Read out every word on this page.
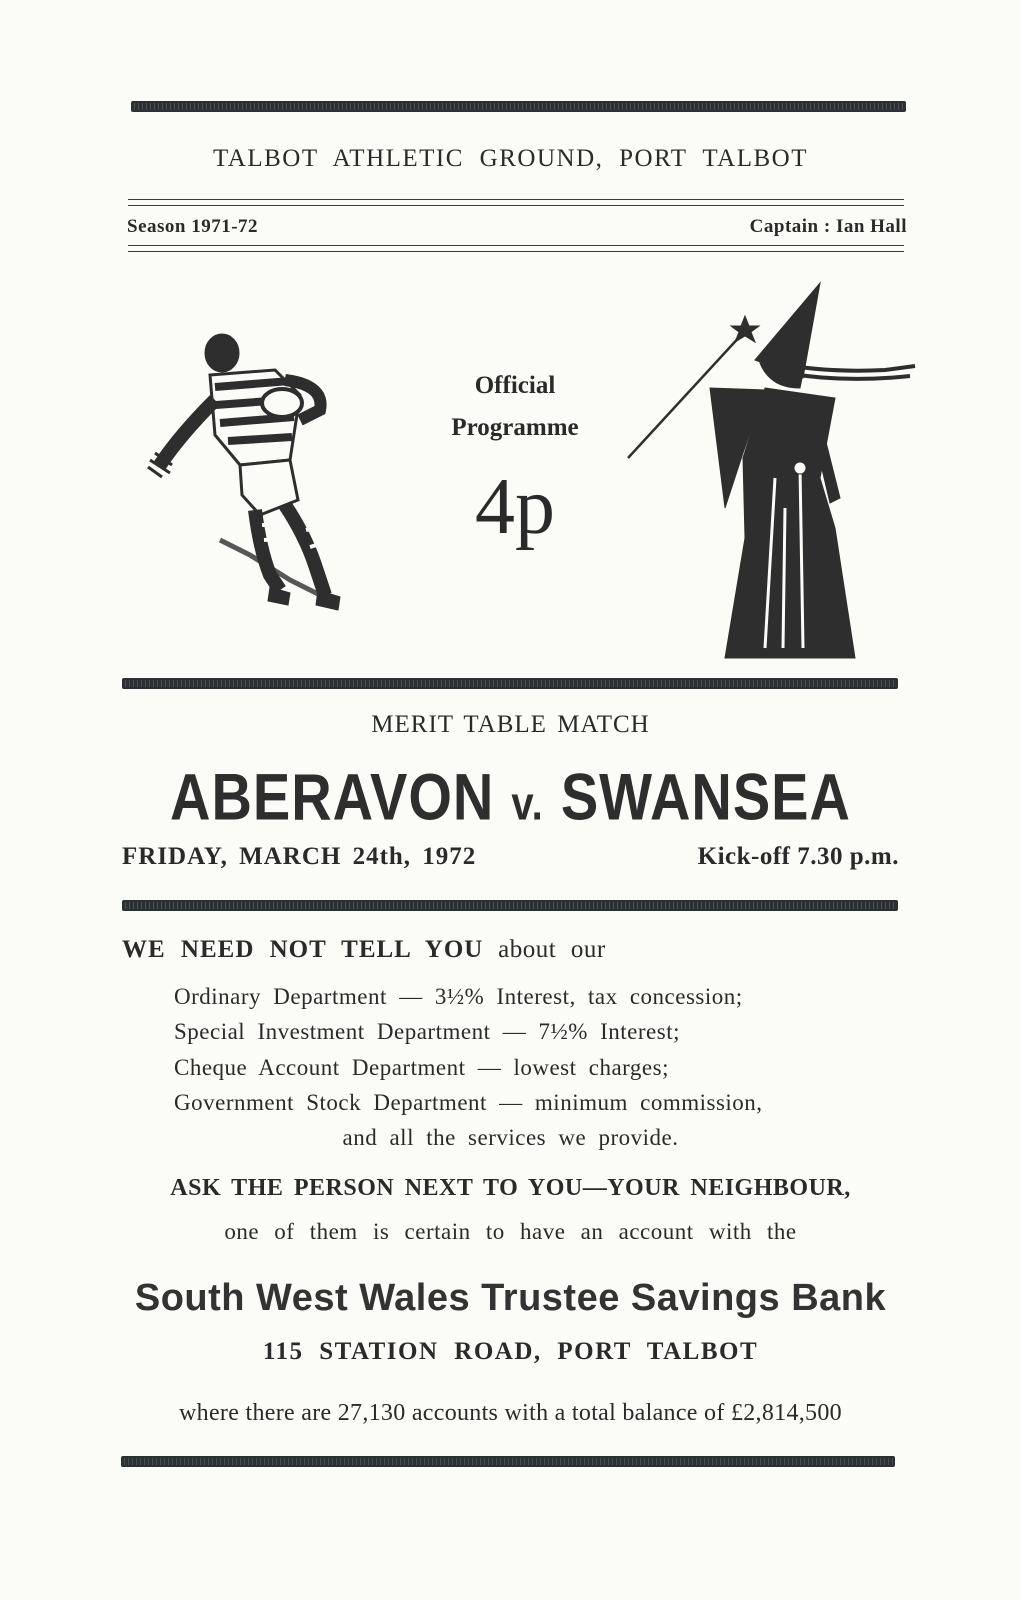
TALBOT ATHLETIC GROUND, PORT TALBOT
Season 1971-72	Captain : Ian Hall
Official
Programme
4p
MERIT TABLE MATCH
ABERAVON v. SWANSEA
FRIDAY, MARCH 24th, 1972	Kick-off 7.30 p.m.
WE NEED NOT TELL YOU about our
Ordinary Department — 3½% Interest, tax concession;
Special Investment Department — 7½% Interest;
Cheque Account Department — lowest charges;
Government Stock Department — minimum commission,
and all the services we provide.
ASK THE PERSON NEXT TO YOU—YOUR NEIGHBOUR,
one of them is certain to have an account with the
South West Wales Trustee Savings Bank
115 STATION ROAD, PORT TALBOT
where there are 27,130 accounts with a total balance of £2,814,500
